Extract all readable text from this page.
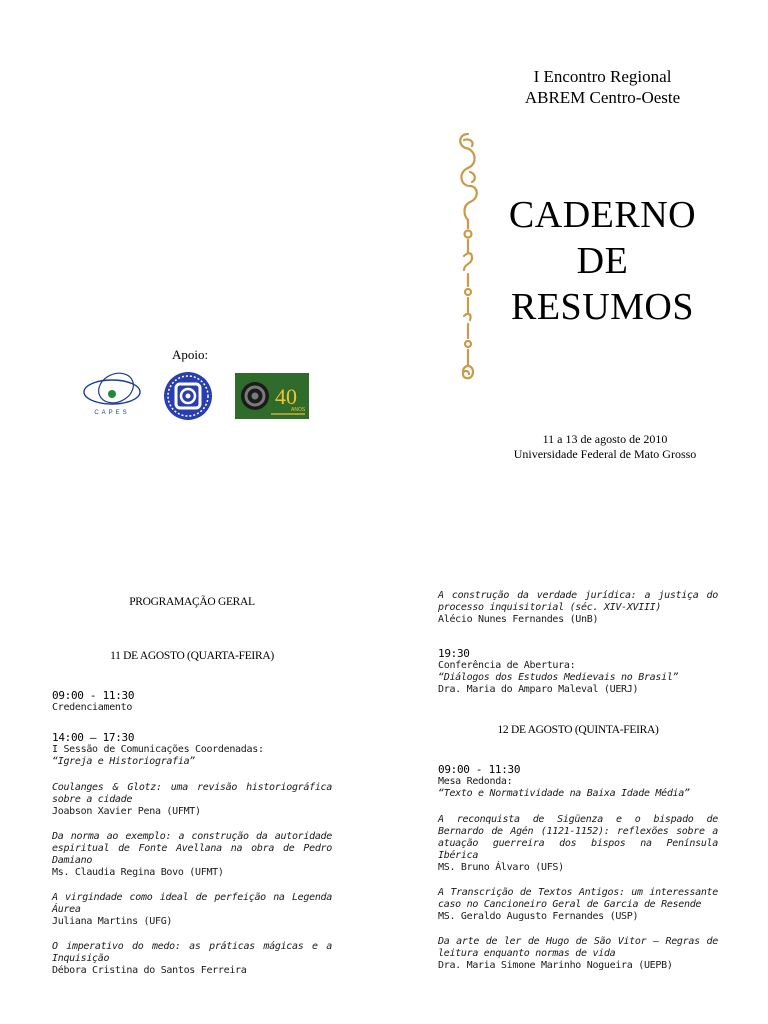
I Encontro Regional
ABREM Centro-Oeste
CADERNO
DE
RESUMOS
Apoio:
CAPES
40
ANOS
11 a 13 de agosto de 2010
Universidade Federal de Mato Grosso
PROGRAMAÇÃO GERAL
11 DE AGOSTO (QUARTA-FEIRA)
09:00 - 11:30
Credenciamento
14:00 – 17:30
I Sessão de Comunicações Coordenadas:
“Igreja e Historiografia”
Coulanges & Glotz: uma revisão historiográfica sobre a cidade
Joabson Xavier Pena (UFMT)
Da norma ao exemplo: a construção da autoridade espiritual de Fonte Avellana na obra de Pedro Damiano
Ms. Claudia Regina Bovo (UFMT)
A virgindade como ideal de perfeição na Legenda Áurea
Juliana Martins (UFG)
O imperativo do medo: as práticas mágicas e a Inquisição
Débora Cristina do Santos Ferreira
A construção da verdade jurídica: a justiça do processo inquisitorial (séc. XIV-XVIII)
Alécio Nunes Fernandes (UnB)
19:30
Conferência de Abertura:
“Diálogos dos Estudos Medievais no Brasil”
Dra. Maria do Amparo Maleval (UERJ)
12 DE AGOSTO (QUINTA-FEIRA)
09:00 - 11:30
Mesa Redonda:
“Texto e Normatividade na Baixa Idade Média”
A reconquista de Sigüenza e o bispado de Bernardo de Agén (1121-1152): reflexões sobre a atuação guerreira dos bispos na Península Ibérica
MS. Bruno Álvaro (UFS)
A Transcrição de Textos Antigos: um interessante caso no Cancioneiro Geral de Garcia de Resende
MS. Geraldo Augusto Fernandes (USP)
Da arte de ler de Hugo de São Vitor – Regras de leitura enquanto normas de vida
Dra. Maria Simone Marinho Nogueira (UEPB)
